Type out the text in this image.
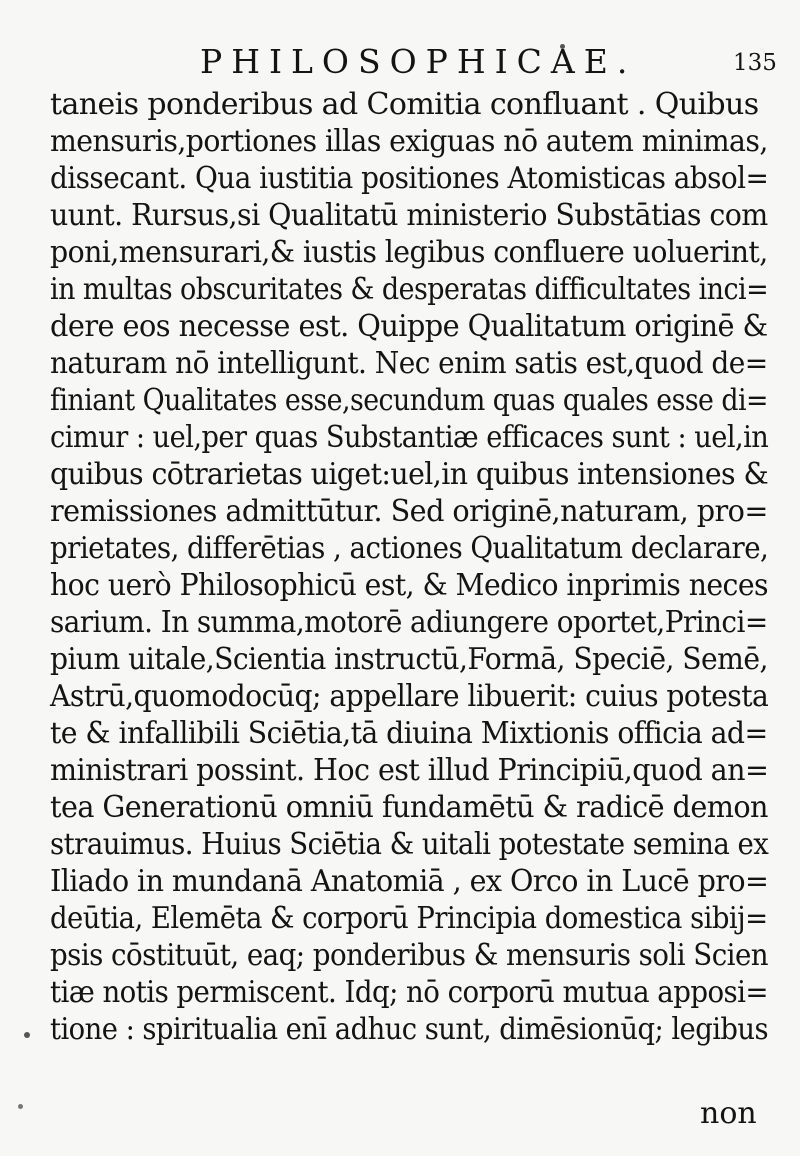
PHILOSOPHICAE.	135
taneis ponderibus ad Comitia confluant . Quibus
mensuris,portiones illas exiguas nō autem minimas,
dissecant. Qua iustitia positiones Atomisticas absol=
uunt. Rursus,si Qualitatū ministerio Substātias com
poni,mensurari,& iustis legibus confluere uoluerint,
in multas obscuritates & desperatas difficultates inci=
dere eos necesse est. Quippe Qualitatum originē &
naturam nō intelligunt. Nec enim satis est,quod de=
finiant Qualitates esse,secundum quas quales esse di=
cimur : uel,per quas Substantiæ efficaces sunt : uel,in
quibus cōtrarietas uiget:uel,in quibus intensiones &
remissiones admittūtur. Sed originē,naturam, pro=
prietates, differētias , actiones Qualitatum declarare,
hoc uerò Philosophicū est, & Medico inprimis neces
sarium. In summa,motorē adiungere oportet,Princi=
pium uitale,Scientia instructū,Formā, Speciē, Semē,
Astrū,quomodocūq; appellare libuerit: cuius potesta
te & infallibili Sciētia,tā diuina Mixtionis officia ad=
ministrari possint. Hoc est illud Principiū,quod an=
tea Generationū omniū fundamētū & radicē demon
strauimus. Huius Sciētia & uitali potestate semina ex
Iliado in mundanā Anatomiā , ex Orco in Lucē pro=
deūtia, Elemēta & corporū Principia domestica sibij=
psis cōstituūt, eaq; ponderibus & mensuris soli Scien
tiæ notis permiscent. Idq; nō corporū mutua apposi=
tione : spiritualia enī adhuc sunt, dimēsionūq; legibus
non
